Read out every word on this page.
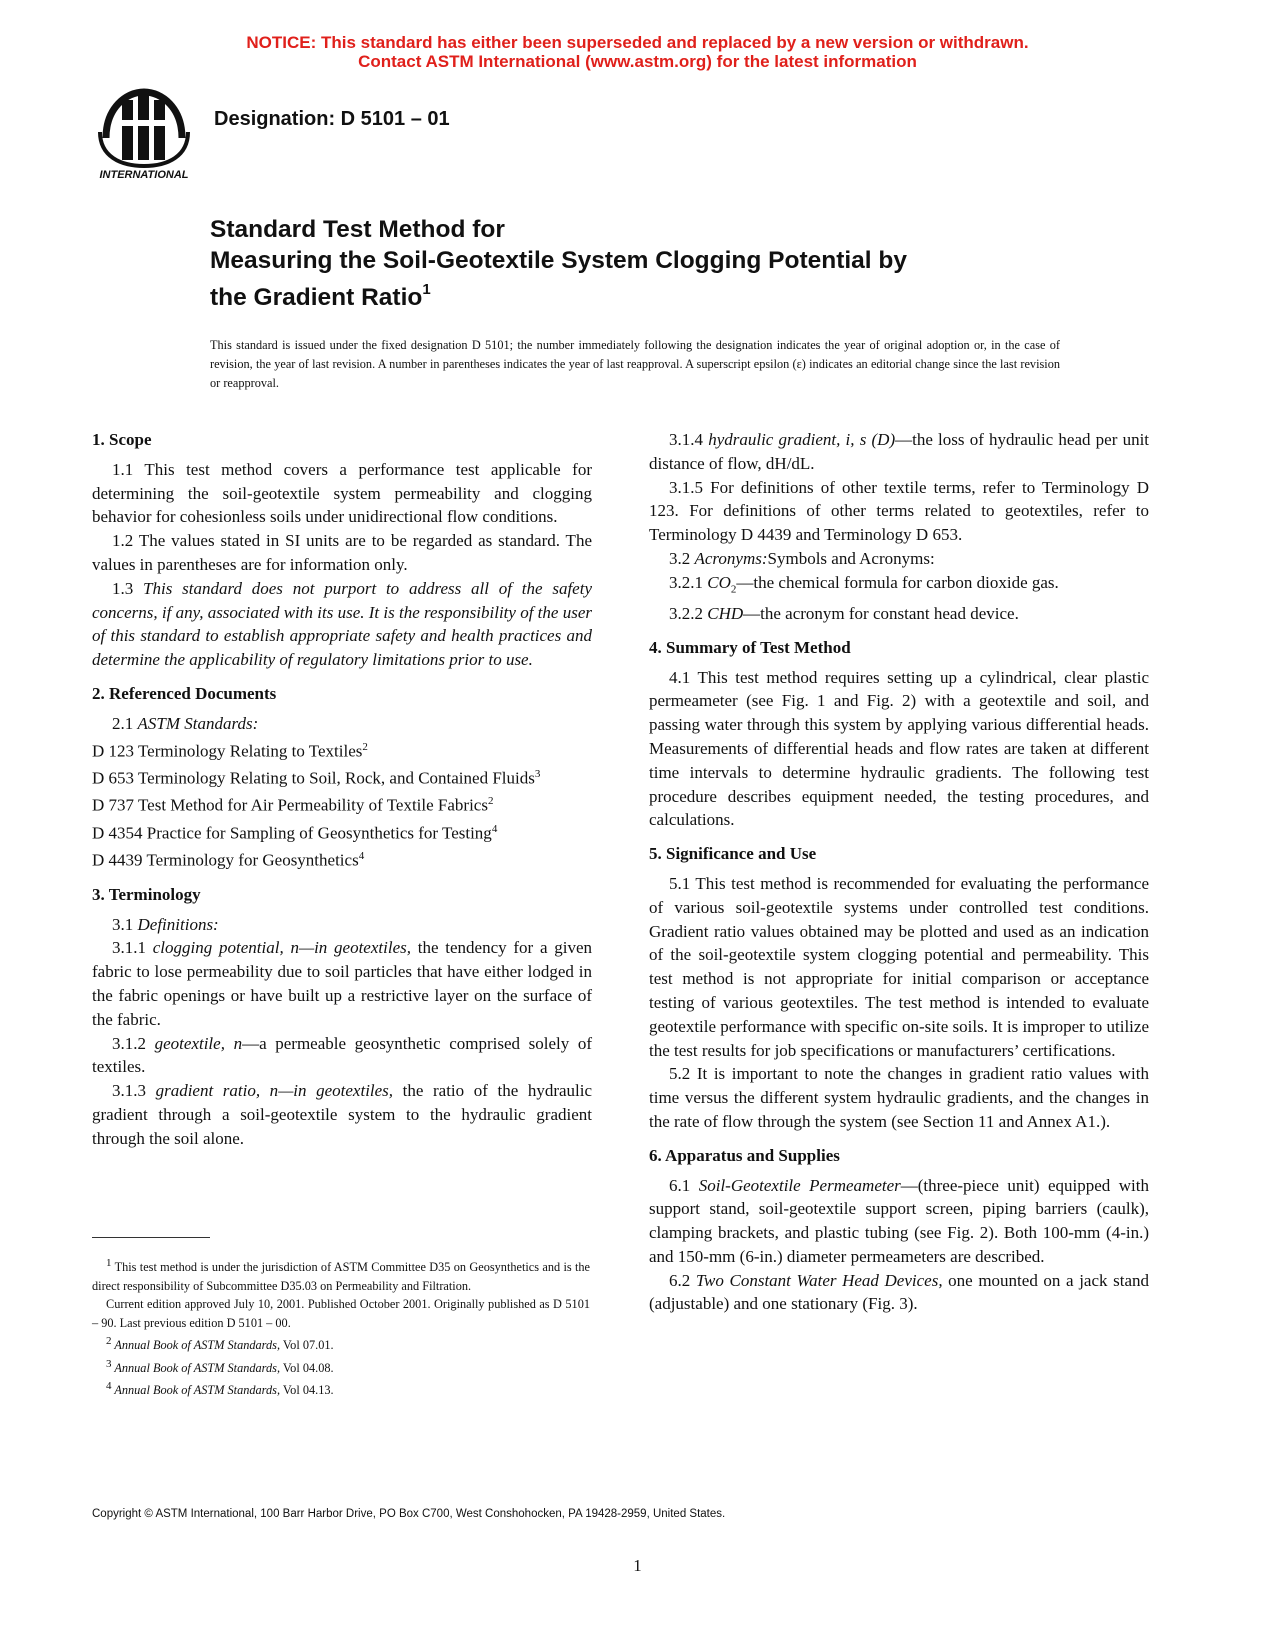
NOTICE: This standard has either been superseded and replaced by a new version or withdrawn.
Contact ASTM International (www.astm.org) for the latest information
INTERNATIONAL
Designation: D 5101 – 01
Standard Test Method for
Measuring the Soil-Geotextile System Clogging Potential by
the Gradient Ratio$^1$
This standard is issued under the fixed designation D 5101; the number immediately following the designation indicates the year of original adoption or, in the case of revision, the year of last revision. A number in parentheses indicates the year of last reapproval. A superscript epsilon (ε) indicates an editorial change since the last revision or reapproval.
1. Scope

1.1 This test method covers a performance test applicable for determining the soil-geotextile system permeability and clogging behavior for cohesionless soils under unidirectional flow conditions.

1.2 The values stated in SI units are to be regarded as standard. The values in parentheses are for information only.

1.3 This standard does not purport to address all of the safety concerns, if any, associated with its use. It is the responsibility of the user of this standard to establish appropriate safety and health practices and determine the applicability of regulatory limitations prior to use.

2. Referenced Documents

2.1 ASTM Standards:

D 123 Terminology Relating to Textiles$^2$

D 653 Terminology Relating to Soil, Rock, and Contained Fluids$^3$

D 737 Test Method for Air Permeability of Textile Fabrics$^2$

D 4354 Practice for Sampling of Geosynthetics for Testing$^4$

D 4439 Terminology for Geosynthetics$^4$

3. Terminology

3.1 Definitions:

3.1.1 clogging potential, n—in geotextiles, the tendency for a given fabric to lose permeability due to soil particles that have either lodged in the fabric openings or have built up a restrictive layer on the surface of the fabric.

3.1.2 geotextile, n—a permeable geosynthetic comprised solely of textiles.

3.1.3 gradient ratio, n—in geotextiles, the ratio of the hydraulic gradient through a soil-geotextile system to the hydraulic gradient through the soil alone.

$^1$ This test method is under the jurisdiction of ASTM Committee D35 on Geosynthetics and is the direct responsibility of Subcommittee D35.03 on Permeability and Filtration.

Current edition approved July 10, 2001. Published October 2001. Originally published as D 5101 – 90. Last previous edition D 5101 – 00.

$^2$ Annual Book of ASTM Standards, Vol 07.01.

$^3$ Annual Book of ASTM Standards, Vol 04.08.

$^4$ Annual Book of ASTM Standards, Vol 04.13.

3.1.4 hydraulic gradient, i, s (D)—the loss of hydraulic head per unit distance of flow, dH/dL.

3.1.5 For definitions of other textile terms, refer to Terminology D 123. For definitions of other terms related to geotextiles, refer to Terminology D 4439 and Terminology D 653.

3.2 Acronyms:Symbols and Acronyms:

3.2.1 $CO_2—the$ chemical formula for carbon dioxide gas.

3.2.2 CHD—the acronym for constant head device.

4. Summary of Test Method

4.1 This test method requires setting up a cylindrical, clear plastic permeameter (see Fig. 1 and Fig. 2) with a geotextile and soil, and passing water through this system by applying various differential heads. Measurements of differential heads and flow rates are taken at different time intervals to determine hydraulic gradients. The following test procedure describes equipment needed, the testing procedures, and calculations.

5. Significance and Use

5.1 This test method is recommended for evaluating the performance of various soil-geotextile systems under controlled test conditions. Gradient ratio values obtained may be plotted and used as an indication of the soil-geotextile system clogging potential and permeability. This test method is not appropriate for initial comparison or acceptance testing of various geotextiles. The test method is intended to evaluate geotextile performance with specific on-site soils. It is improper to utilize the test results for job specifications or manufacturers’ certifications.

5.2 It is important to note the changes in gradient ratio values with time versus the different system hydraulic gradients, and the changes in the rate of flow through the system (see Section 11 and Annex A1.).

6. Apparatus and Supplies

6.1 Soil-Geotextile Permeameter—(three-piece unit) equipped with support stand, soil-geotextile support screen, piping barriers (caulk), clamping brackets, and plastic tubing (see Fig. 2). Both 100-mm (4-in.) and 150-mm (6-in.) diameter permeameters are described.

6.2 Two Constant Water Head Devices, one mounted on a jack stand (adjustable) and one stationary (Fig. 3).

Copyright © ASTM International, 100 Barr Harbor Drive, PO Box C700, West Conshohocken, PA 19428-2959, United States.
1
